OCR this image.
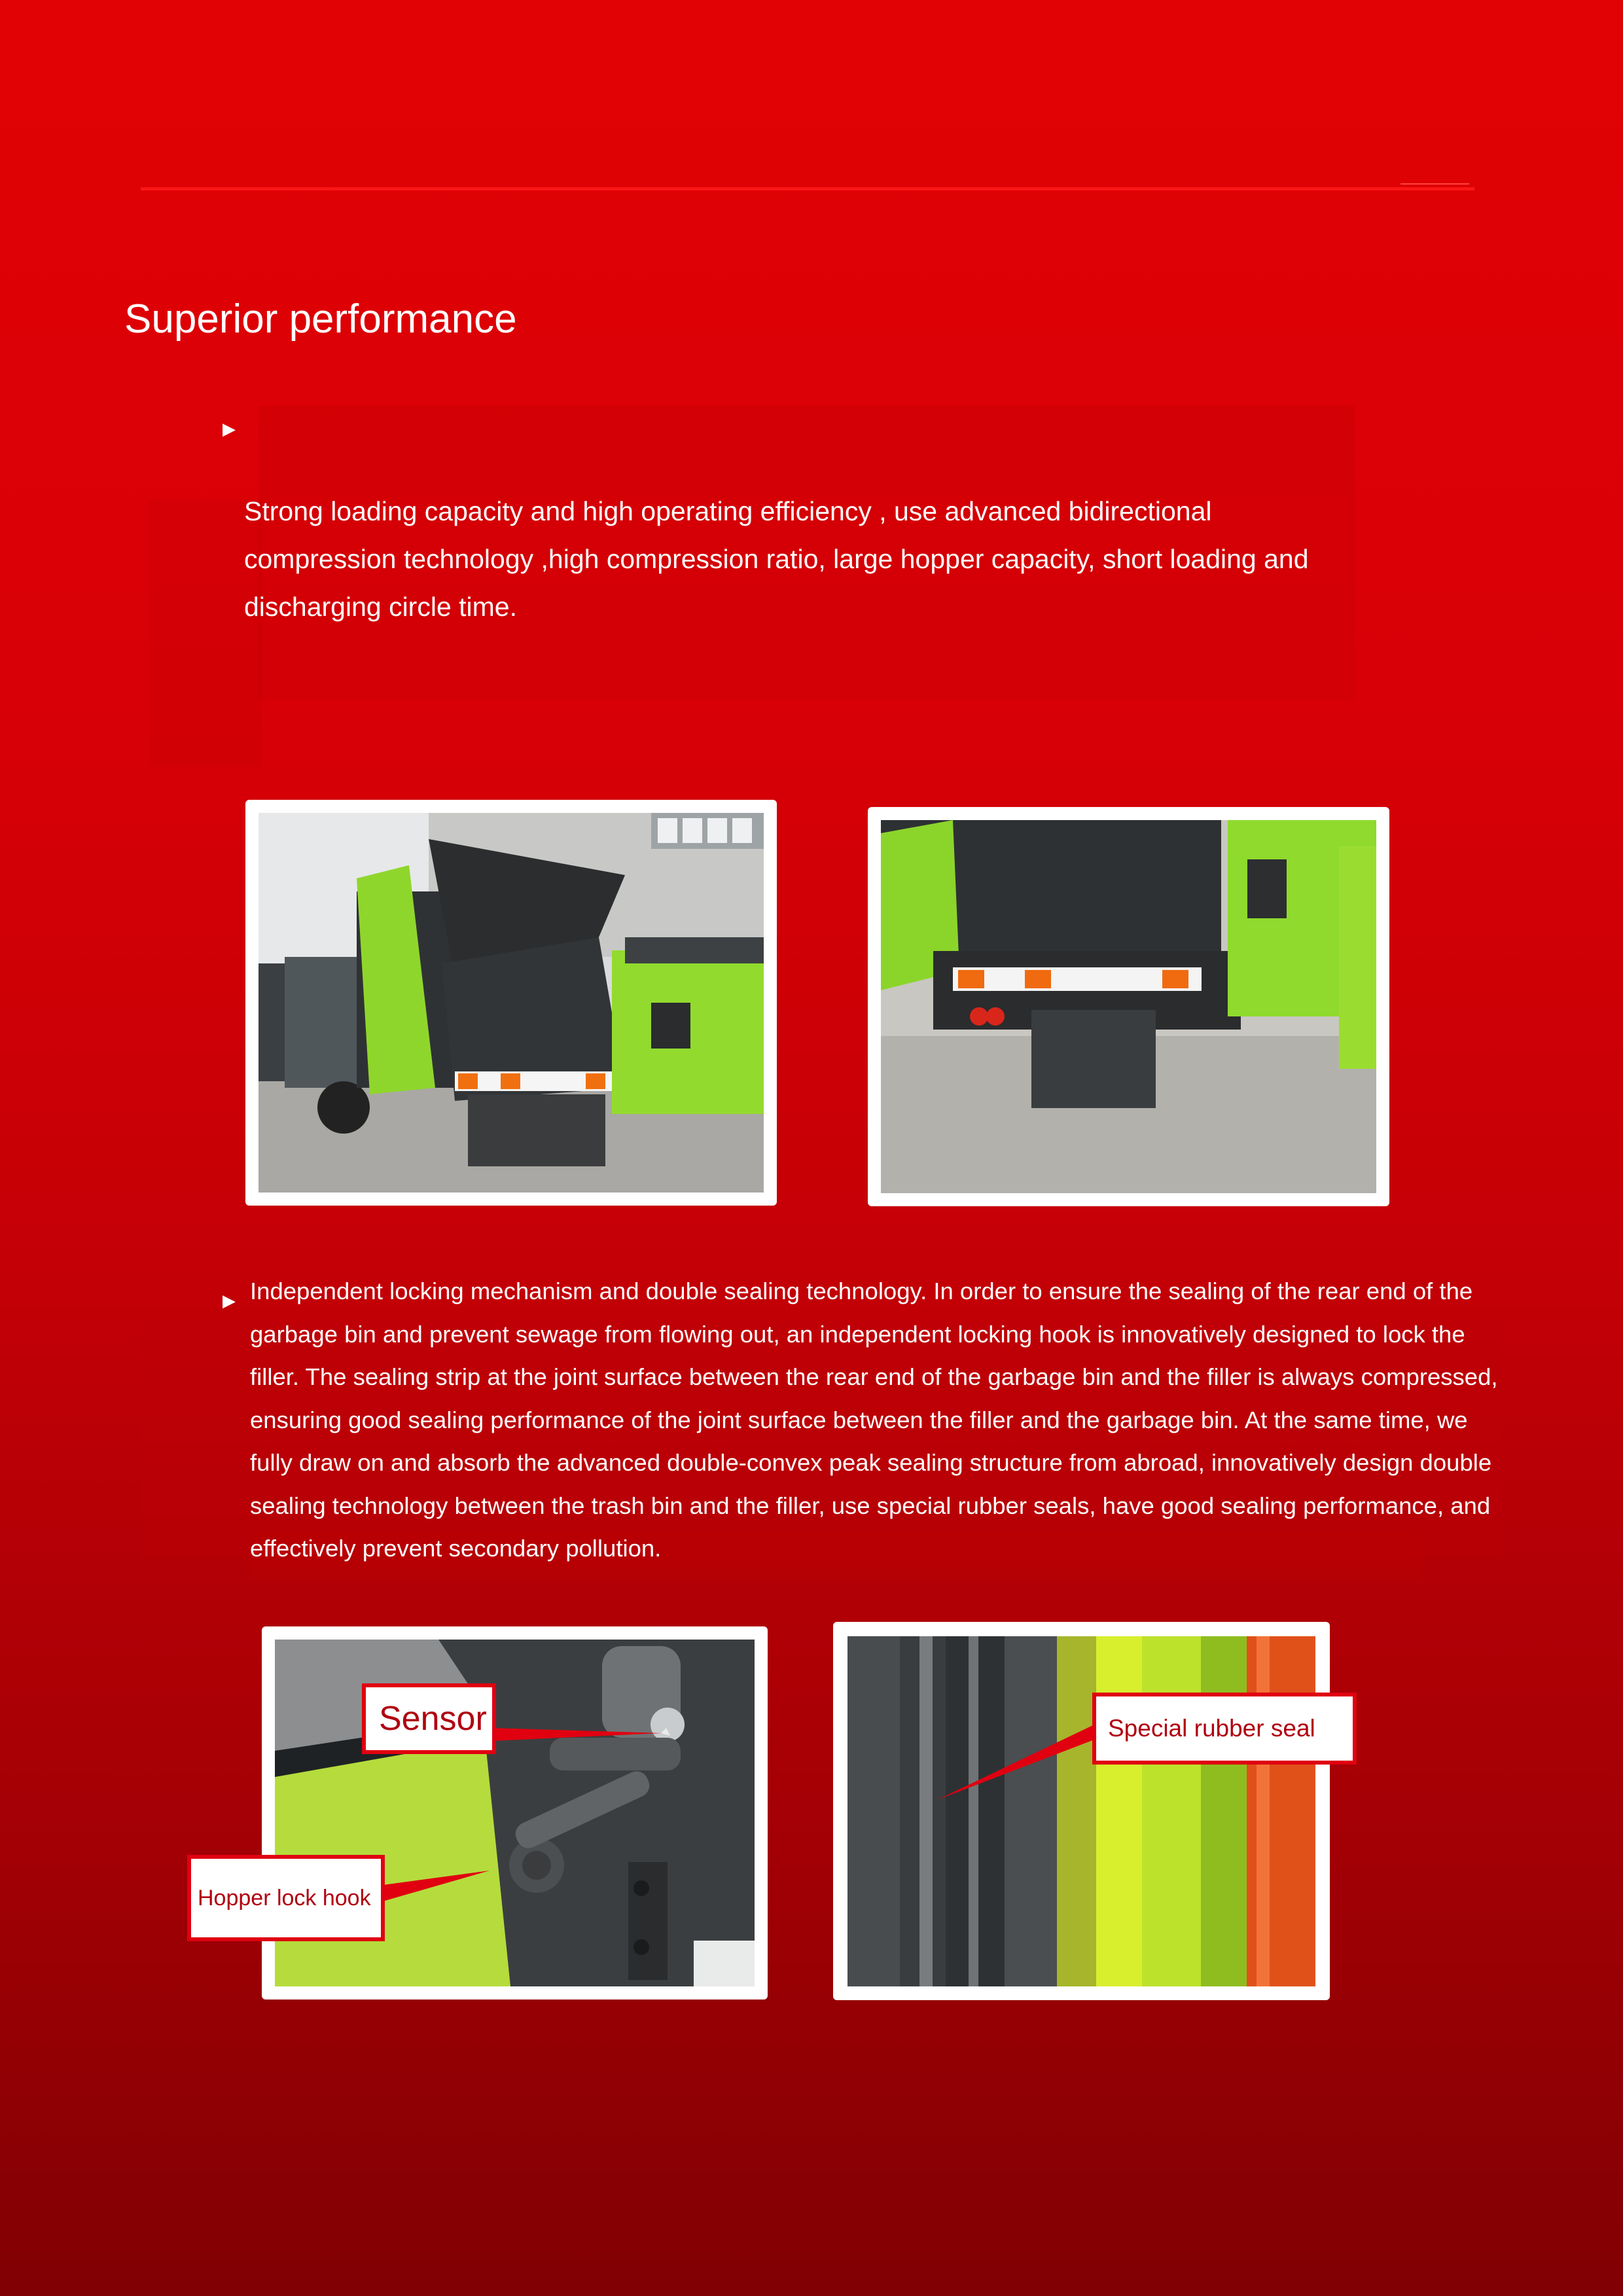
Superior performance
▶

Strong loading capacity and high operating efficiency , use advanced bidirectional compression technology ,high compression ratio, large hopper capacity, short loading and discharging circle time.

▶ Independent locking mechanism and double sealing technology. In order to ensure the sealing of the rear end of the garbage bin and prevent sewage from flowing out, an independent locking hook is innovatively designed to lock the filler. The sealing strip at the joint surface between the rear end of the garbage bin and the filler is always compressed, ensuring good sealing performance of the joint surface between the filler and the garbage bin. At the same time, we fully draw on and absorb the advanced double-convex peak sealing structure from abroad, innovatively design double sealing technology between the trash bin and the filler, use special rubber seals, have good sealing performance, and effectively prevent secondary pollution.

Sensor
Hopper lock hook
Special rubber seal
